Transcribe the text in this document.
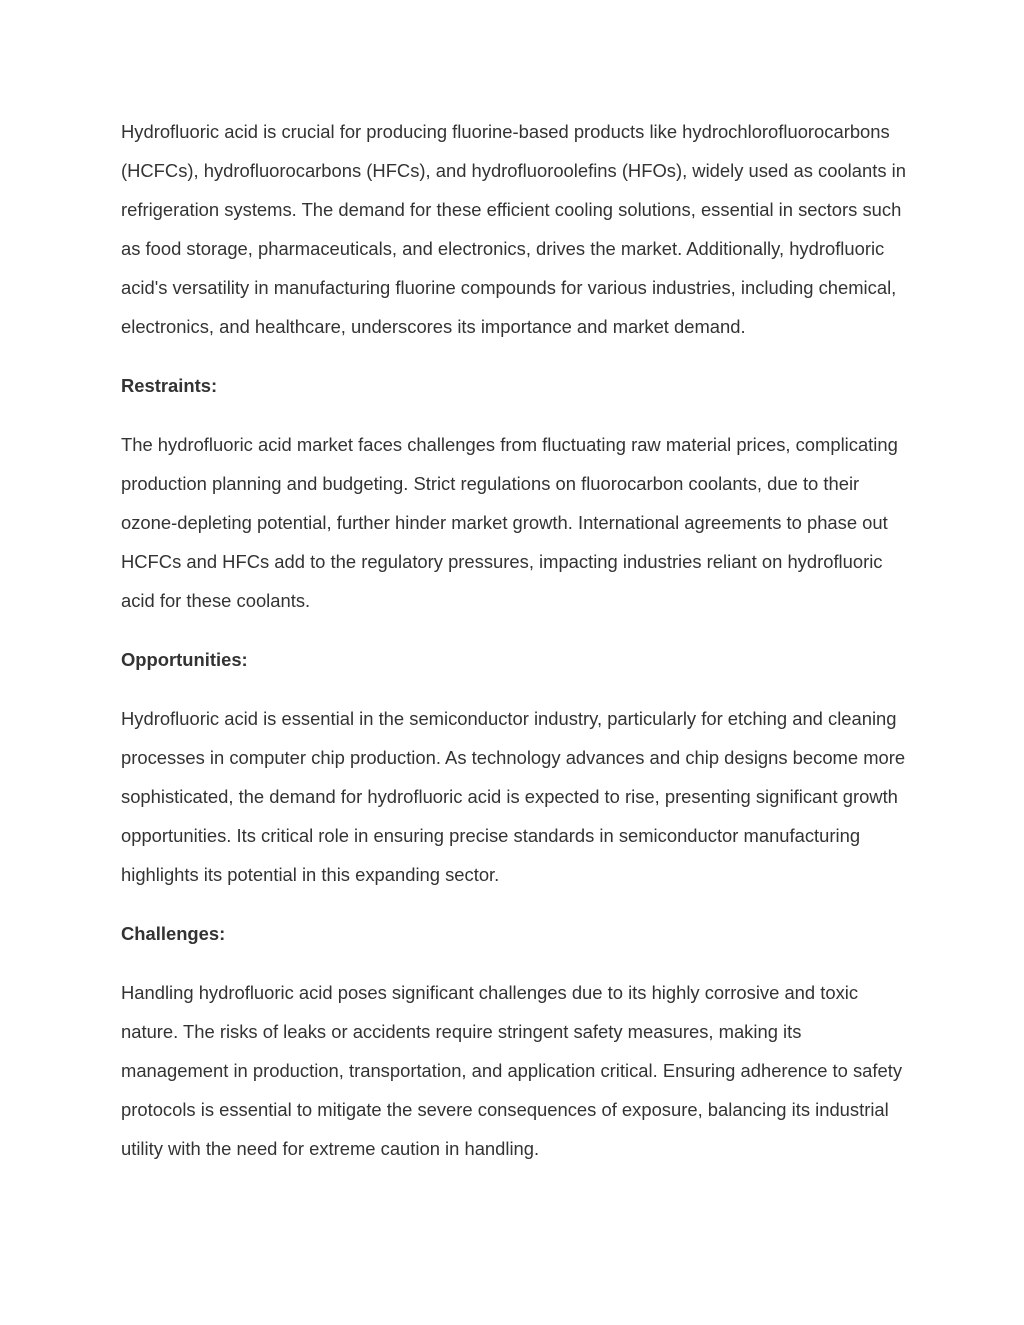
Hydrofluoric acid is crucial for producing fluorine-based products like hydrochlorofluorocarbons (HCFCs), hydrofluorocarbons (HFCs), and hydrofluoroolefins (HFOs), widely used as coolants in refrigeration systems. The demand for these efficient cooling solutions, essential in sectors such as food storage, pharmaceuticals, and electronics, drives the market. Additionally, hydrofluoric acid's versatility in manufacturing fluorine compounds for various industries, including chemical, electronics, and healthcare, underscores its importance and market demand.

Restraints:

The hydrofluoric acid market faces challenges from fluctuating raw material prices, complicating production planning and budgeting. Strict regulations on fluorocarbon coolants, due to their ozone-depleting potential, further hinder market growth. International agreements to phase out HCFCs and HFCs add to the regulatory pressures, impacting industries reliant on hydrofluoric acid for these coolants.

Opportunities:

Hydrofluoric acid is essential in the semiconductor industry, particularly for etching and cleaning processes in computer chip production. As technology advances and chip designs become more sophisticated, the demand for hydrofluoric acid is expected to rise, presenting significant growth opportunities. Its critical role in ensuring precise standards in semiconductor manufacturing highlights its potential in this expanding sector.

Challenges:

Handling hydrofluoric acid poses significant challenges due to its highly corrosive and toxic nature. The risks of leaks or accidents require stringent safety measures, making its management in production, transportation, and application critical. Ensuring adherence to safety protocols is essential to mitigate the severe consequences of exposure, balancing its industrial utility with the need for extreme caution in handling.
